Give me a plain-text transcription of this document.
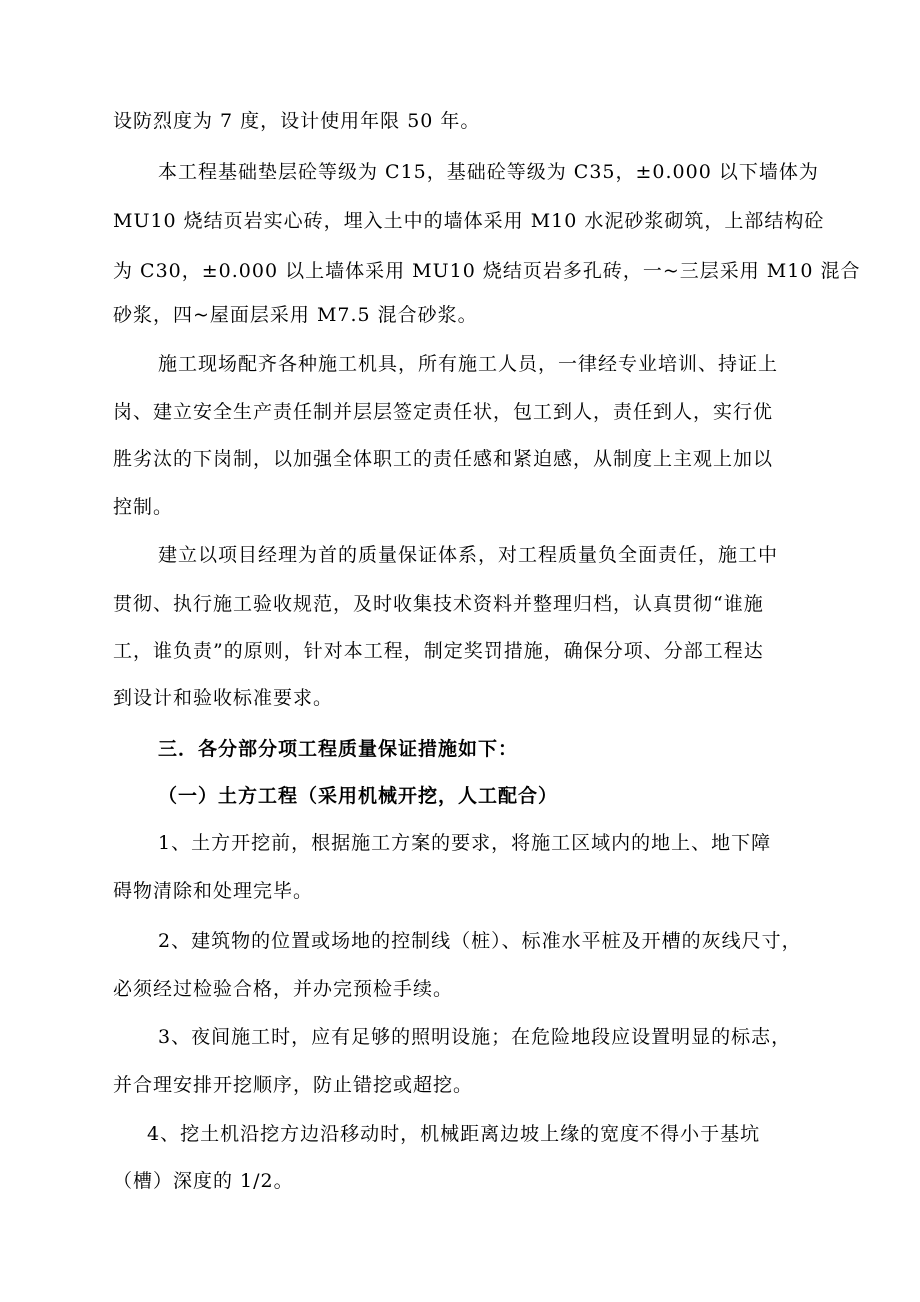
设防烈度为 7 度，设计使用年限 50 年。
本工程基础垫层砼等级为 C15，基础砼等级为 C35，±0.000 以下墙体为
MU10 烧结页岩实心砖，埋入土中的墙体采用 M10 水泥砂浆砌筑，上部结构砼
为 C30，±0.000 以上墙体采用 MU10 烧结页岩多孔砖，一~三层采用 M10 混合
砂浆，四~屋面层采用 M7.5 混合砂浆。
施工现场配齐各种施工机具，所有施工人员，一律经专业培训、持证上
岗、建立安全生产责任制并层层签定责任状，包工到人，责任到人，实行优
胜劣汰的下岗制，以加强全体职工的责任感和紧迫感，从制度上主观上加以
控制。
建立以项目经理为首的质量保证体系，对工程质量负全面责任，施工中
贯彻、执行施工验收规范，及时收集技术资料并整理归档，认真贯彻“谁施
工，谁负责”的原则，针对本工程，制定奖罚措施，确保分项、分部工程达
到设计和验收标准要求。
三．各分部分项工程质量保证措施如下：
（一）土方工程（采用机械开挖，人工配合）
1、土方开挖前，根据施工方案的要求，将施工区域内的地上、地下障
碍物清除和处理完毕。
2、建筑物的位置或场地的控制线（桩）、标准水平桩及开槽的灰线尺寸，
必须经过检验合格，并办完预检手续。
3、夜间施工时，应有足够的照明设施；在危险地段应设置明显的标志，
并合理安排开挖顺序，防止错挖或超挖。
4、挖土机沿挖方边沿移动时，机械距离边坡上缘的宽度不得小于基坑
（槽）深度的 1/2。
